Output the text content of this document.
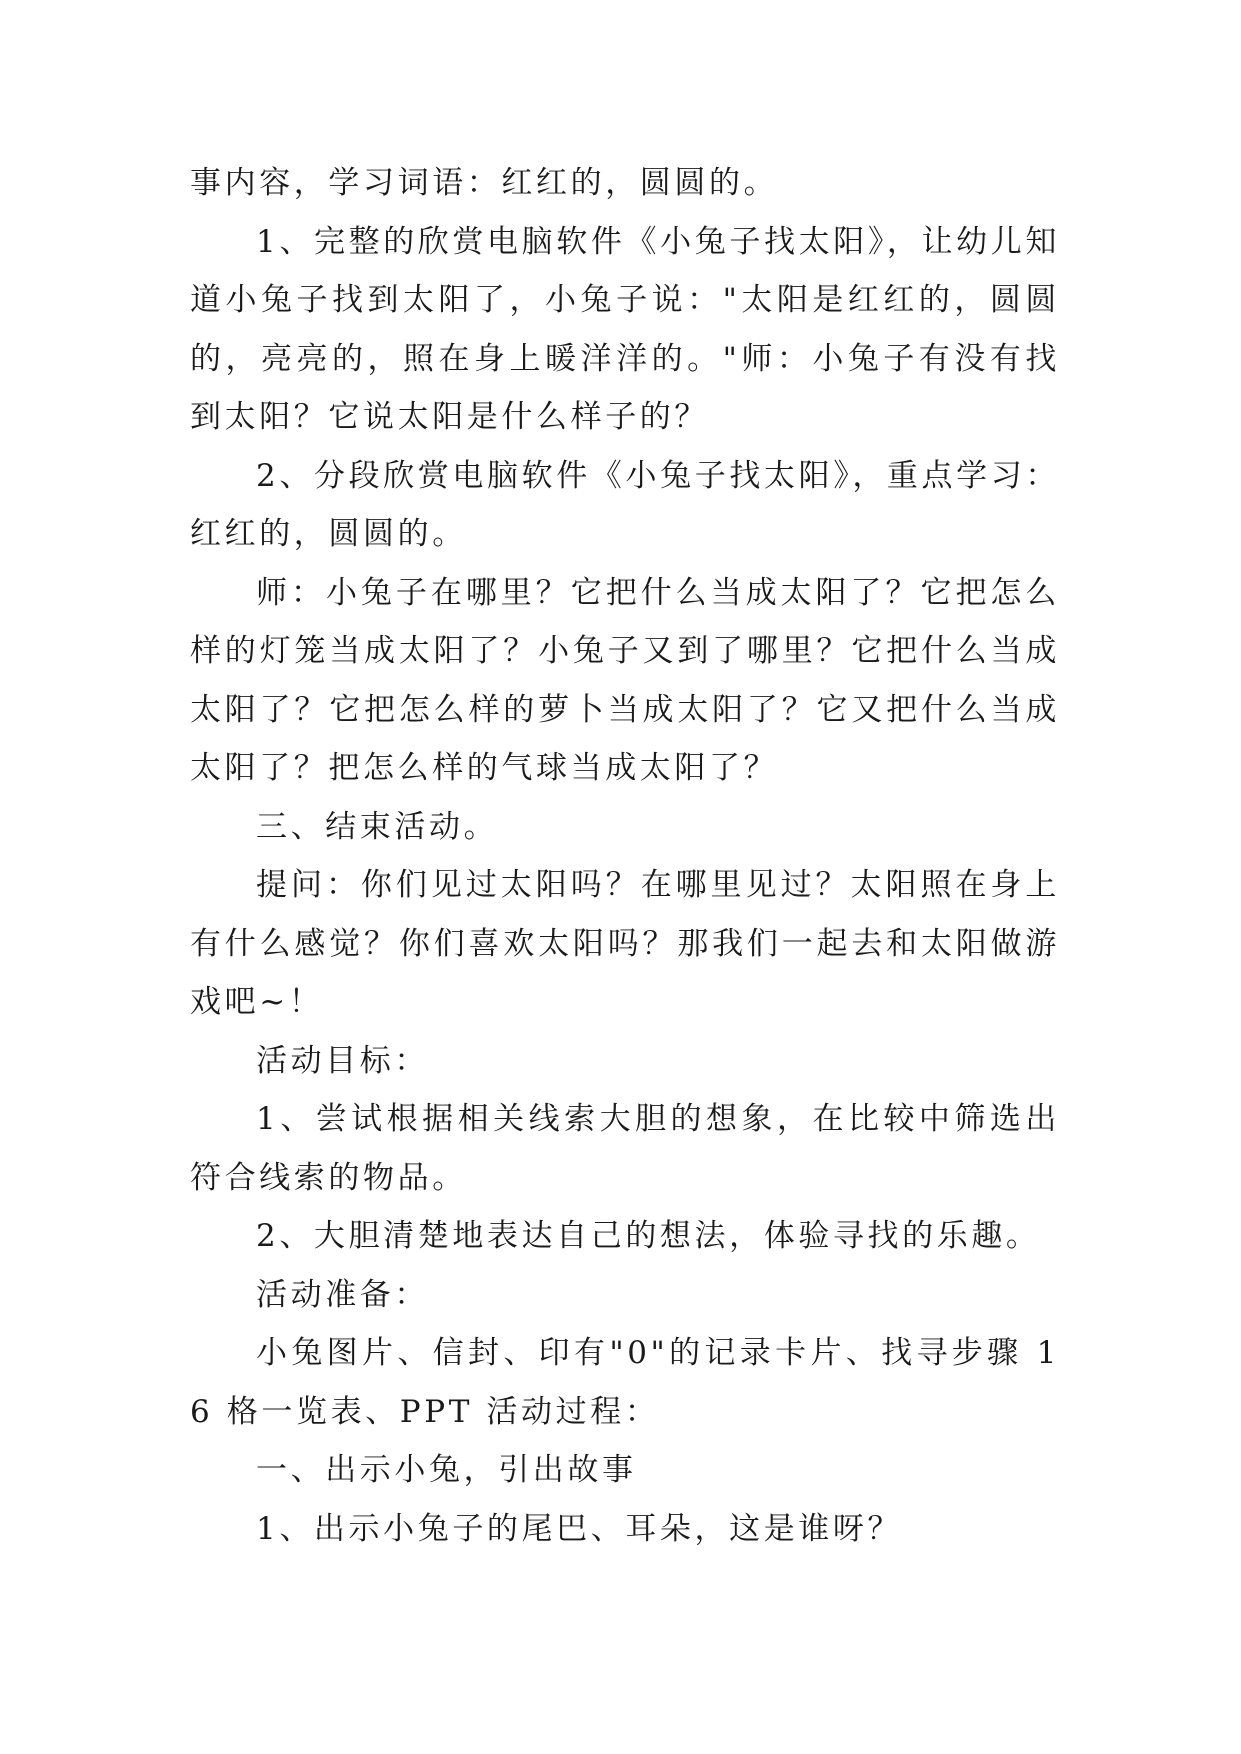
事内容，学习词语：红红的，圆圆的。

1、完整的欣赏电脑软件《小兔子找太阳》，让幼儿知道小兔子找到太阳了，小兔子说："太阳是红红的，圆圆的，亮亮的，照在身上暖洋洋的。"师：小兔子有没有找到太阳？它说太阳是什么样子的？

2、分段欣赏电脑软件《小兔子找太阳》，重点学习：红红的，圆圆的。

师：小兔子在哪里？它把什么当成太阳了？它把怎么样的灯笼当成太阳了？小兔子又到了哪里？它把什么当成太阳了？它把怎么样的萝卜当成太阳了？它又把什么当成太阳了？把怎么样的气球当成太阳了？

三、结束活动。

提问：你们见过太阳吗？在哪里见过？太阳照在身上有什么感觉？你们喜欢太阳吗？那我们一起去和太阳做游戏吧~！

活动目标：

1、尝试根据相关线索大胆的想象，在比较中筛选出符合线索的物品。

2、大胆清楚地表达自己的想法，体验寻找的乐趣。

活动准备：

小兔图片、信封、印有"0"的记录卡片、找寻步骤 16 格一览表、PPT 活动过程：

一、出示小兔，引出故事

1、出示小兔子的尾巴、耳朵，这是谁呀？
